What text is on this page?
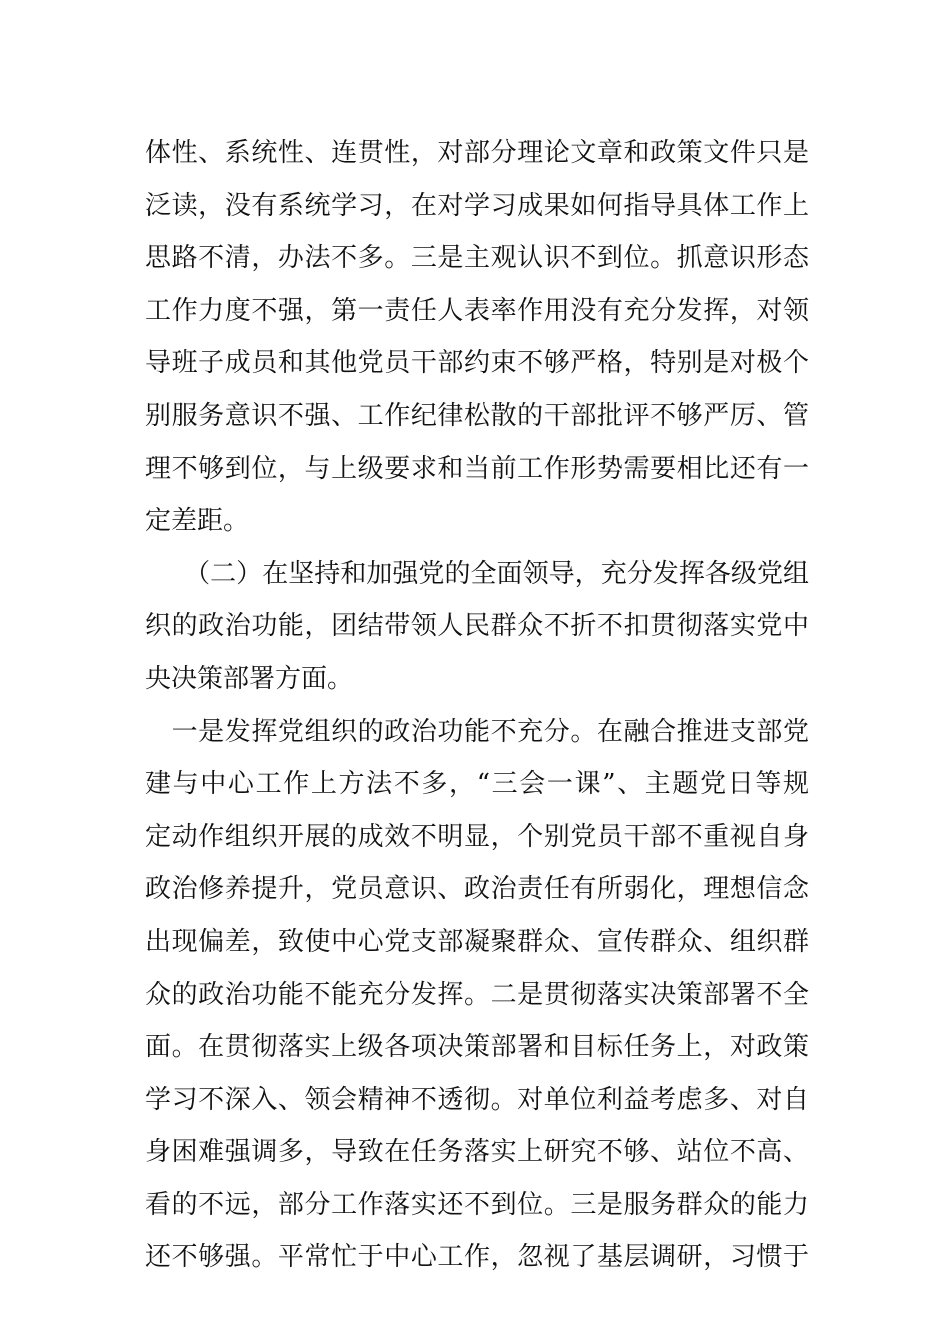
体性、系统性、连贯性，对部分理论文章和政策文件只是
泛读，没有系统学习，在对学习成果如何指导具体工作上
思路不清，办法不多。三是主观认识不到位。抓意识形态
工作力度不强，第一责任人表率作用没有充分发挥，对领
导班子成员和其他党员干部约束不够严格，特别是对极个
别服务意识不强、工作纪律松散的干部批评不够严厉、管
理不够到位，与上级要求和当前工作形势需要相比还有一
定差距。
　　（二）在坚持和加强党的全面领导，充分发挥各级党组
织的政治功能，团结带领人民群众不折不扣贯彻落实党中
央决策部署方面。
　一是发挥党组织的政治功能不充分。在融合推进支部党
建与中心工作上方法不多，“三会一课”、主题党日等规
定动作组织开展的成效不明显，个别党员干部不重视自身
政治修养提升，党员意识、政治责任有所弱化，理想信念
出现偏差，致使中心党支部凝聚群众、宣传群众、组织群
众的政治功能不能充分发挥。二是贯彻落实决策部署不全
面。在贯彻落实上级各项决策部署和目标任务上，对政策
学习不深入、领会精神不透彻。对单位利益考虑多、对自
身困难强调多，导致在任务落实上研究不够、站位不高、
看的不远，部分工作落实还不到位。三是服务群众的能力
还不够强。平常忙于中心工作，忽视了基层调研，习惯于
